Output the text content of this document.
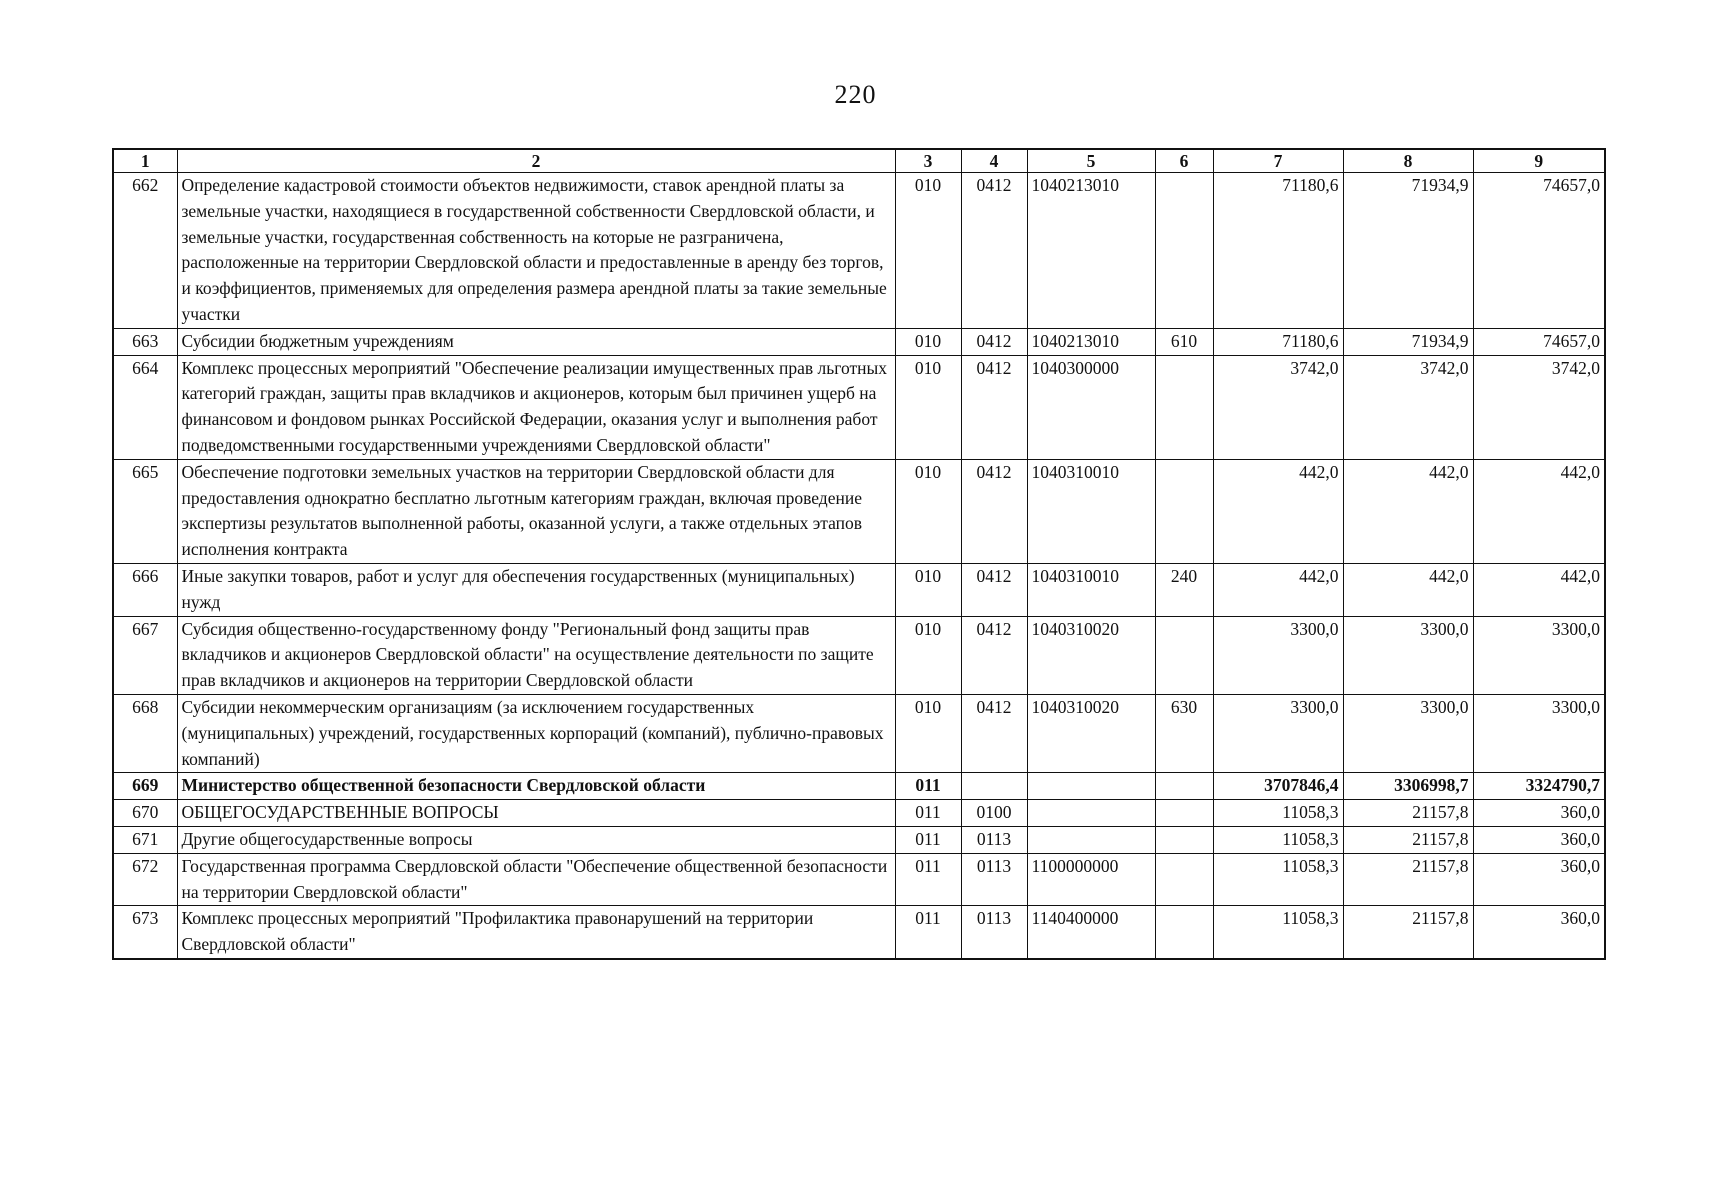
220
1	2	3	4	5	6	7	8	9
662	Определение кадастровой стоимости объектов недвижимости, ставок арендной платы за земельные участки, находящиеся в государственной собственности Свердловской области, и земельные участки, государственная собственность на которые не разграничена, расположенные на территории Свердловской области и предоставленные в аренду без торгов, и коэффициентов, применяемых для определения размера арендной платы за такие земельные участки	010	0412	1040213010		71180,6	71934,9	74657,0
663	Субсидии бюджетным учреждениям	010	0412	1040213010	610	71180,6	71934,9	74657,0
664	Комплекс процессных мероприятий "Обеспечение реализации имущественных прав льготных категорий граждан, защиты прав вкладчиков и акционеров, которым был причинен ущерб на финансовом и фондовом рынках Российской Федерации, оказания услуг и выполнения работ подведомственными государственными учреждениями Свердловской области"	010	0412	1040300000		3742,0	3742,0	3742,0
665	Обеспечение подготовки земельных участков на территории Свердловской области для предоставления однократно бесплатно льготным категориям граждан, включая проведение экспертизы результатов выполненной работы, оказанной услуги, а также отдельных этапов исполнения контракта	010	0412	1040310010		442,0	442,0	442,0
666	Иные закупки товаров, работ и услуг для обеспечения государственных (муниципальных) нужд	010	0412	1040310010	240	442,0	442,0	442,0
667	Субсидия общественно-государственному фонду "Региональный фонд защиты прав вкладчиков и акционеров Свердловской области" на осуществление деятельности по защите прав вкладчиков и акционеров на территории Свердловской области	010	0412	1040310020		3300,0	3300,0	3300,0
668	Субсидии некоммерческим организациям (за исключением государственных (муниципальных) учреждений, государственных корпораций (компаний), публично-правовых компаний)	010	0412	1040310020	630	3300,0	3300,0	3300,0
669	Министерство общественной безопасности Свердловской области	011				3707846,4	3306998,7	3324790,7
670	ОБЩЕГОСУДАРСТВЕННЫЕ ВОПРОСЫ	011	0100			11058,3	21157,8	360,0
671	Другие общегосударственные вопросы	011	0113			11058,3	21157,8	360,0
672	Государственная программа Свердловской области "Обеспечение общественной безопасности на территории Свердловской области"	011	0113	1100000000		11058,3	21157,8	360,0
673	Комплекс процессных мероприятий "Профилактика правонарушений на территории Свердловской области"	011	0113	1140400000		11058,3	21157,8	360,0
